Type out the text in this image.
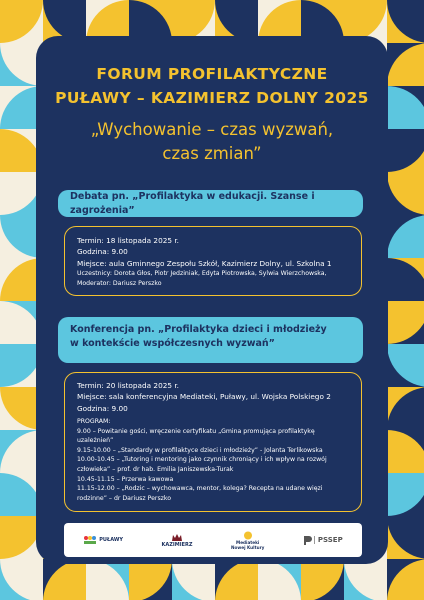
FORUM PROFILAKTYCZNE
PUŁAWY – KAZIMIERZ DOLNY 2025
„Wychowanie – czas wyzwań,
czas zmian”
Debata pn. „Profilaktyka w edukacji. Szanse i zagrożenia”
Termin: 18 listopada 2025 r.
Godzina: 9.00
Miejsce: aula Gminnego Zespołu Szkół, Kazimierz Dolny, ul. Szkolna 1
Uczestnicy: Dorota Głos, Piotr Jedziniak, Edyta Piotrowska, Sylwia Wierzchowska,
Moderator: Dariusz Perszko
Konferencja pn. „Profilaktyka dzieci i młodzieży
w kontekście współczesnych wyzwań”
Termin: 20 listopada 2025 r.
Miejsce: sala konferencyjna Mediateki, Puławy, ul. Wojska Polskiego 2
Godzina: 9.00
PROGRAM:
9.00 – Powitanie gości, wręczenie certyfikatu „Gmina promująca profilaktykę
uzależnień”
9.15-10.00 – „Standardy w profilaktyce dzieci i młodzieży” - Jolanta Terlikowska
10.00-10.45 – „Tutoring i mentoring jako czynnik chroniący i ich wpływ na rozwój
człowieka” – prof. dr hab. Emilia Janiszewska-Turak
10.45-11.15 – Przerwa kawowa
11.15-12.00 – „Rodzic – wychowawca, mentor, kolega? Recepta na udane więzi
rodzinne” – dr Dariusz Perszko
PUŁAWY
KAZIMIERZ	Mediateki
Nowej Kultury
PSSEP
